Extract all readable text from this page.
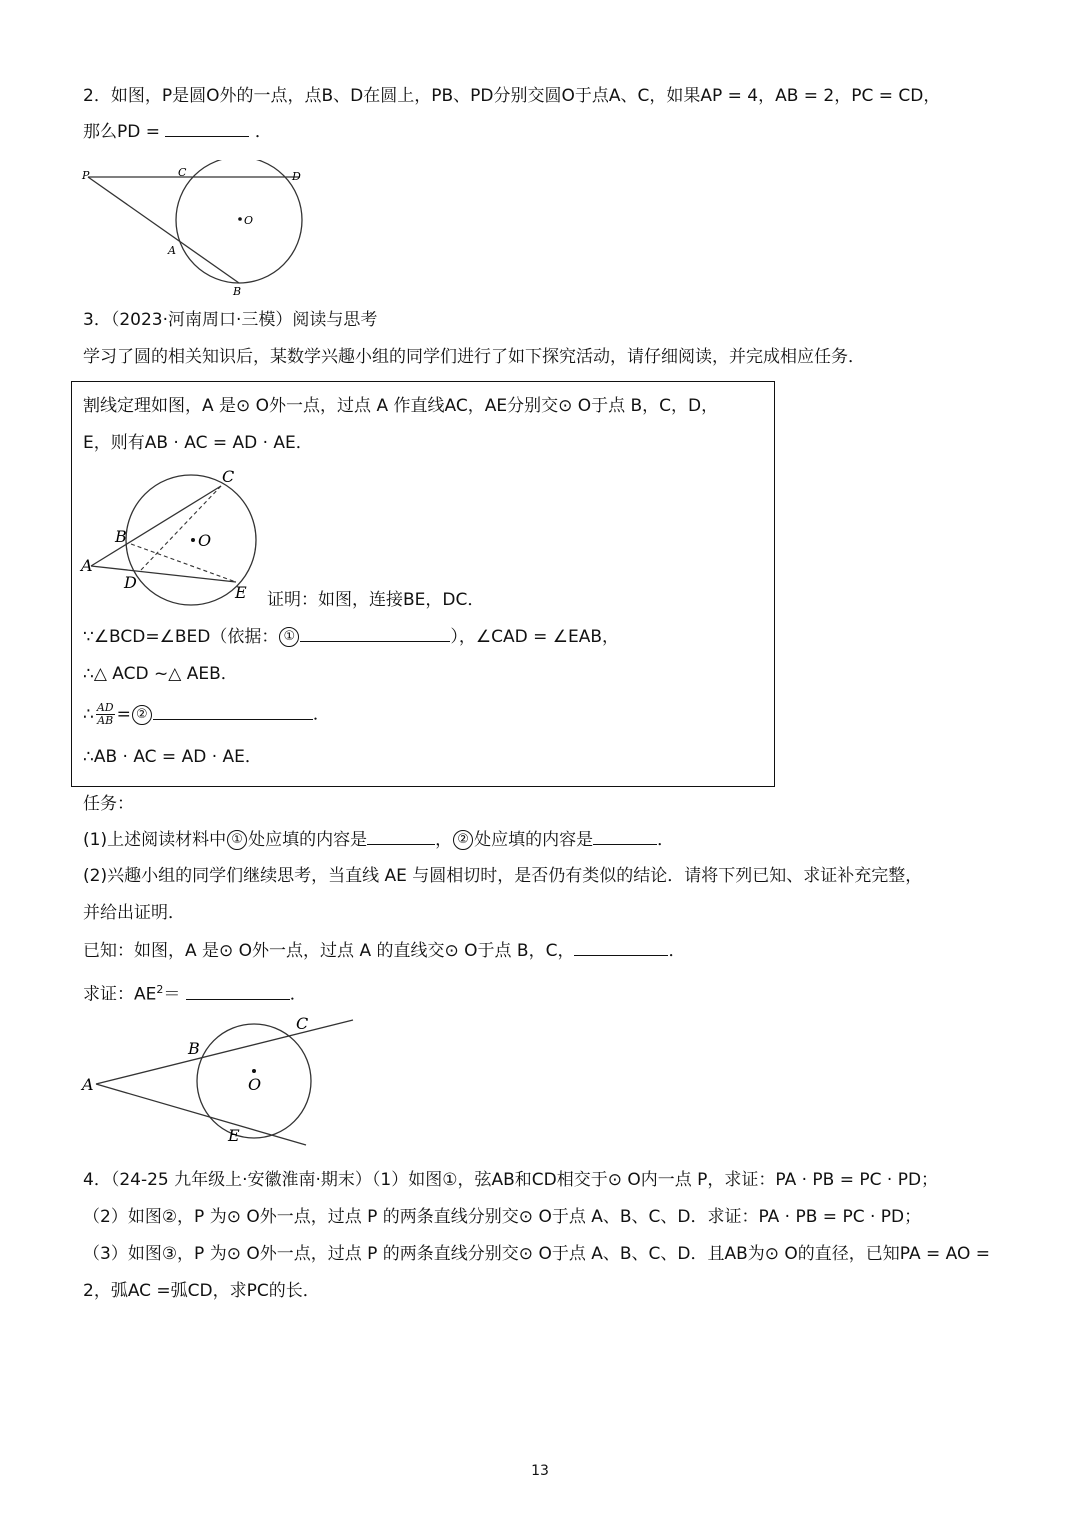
2．如图，P是圆O外的一点，点B、D在圆上，PB、PD分别交圆O于点A、C，如果AP = 4，AB = 2，PC = CD，
那么PD =	．
P	C	D
O
A
B
3．（2023·河南周口·三模）阅读与思考
学习了圆的相关知识后，某数学兴趣小组的同学们进行了如下探究活动，请仔细阅读，并完成相应任务．
割线定理如图，A 是⊙ O外一点，过点 A 作直线AC，AE分别交⊙ O于点 B，C，D，
E，则有AB · AC = AD · AE．
A
B
C
D
E
O
证明：如图，连接BE，DC．
∵∠BCD=∠BED（依据： ①	），∠CAD = ∠EAB，
∴△ ACD ~△ AEB．
∴ $\frac{AD}{AB}$ = ②	．
∴AB · AC = AD · AE．
任务：
(1)上述阅读材料中 ① 处应填的内容是	， ② 处应填的内容是	．
(2)兴趣小组的同学们继续思考，当直线 AE 与圆相切时，是否仍有类似的结论．请将下列已知、求证补充完整，
并给出证明．
已知：如图，A 是⊙ O外一点，过点 A 的直线交⊙ O于点 B，C，	．
求证：$AE^2=$	．
A
B
C
E
O
4．（24-25 九年级上·安徽淮南·期末）（1）如图①，弦AB和CD相交于⊙ O内一点 P，求证：PA · PB = PC · PD；
（2）如图②，P 为⊙ O外一点，过点 P 的两条直线分别交⊙ O于点 A、B、C、D．求证：PA · PB = PC · PD；
（3）如图③，P 为⊙ O外一点，过点 P 的两条直线分别交⊙ O于点 A、B、C、D．且AB为⊙ O的直径，已知PA = AO =
2，弧AC =弧CD，求PC的长．
13
